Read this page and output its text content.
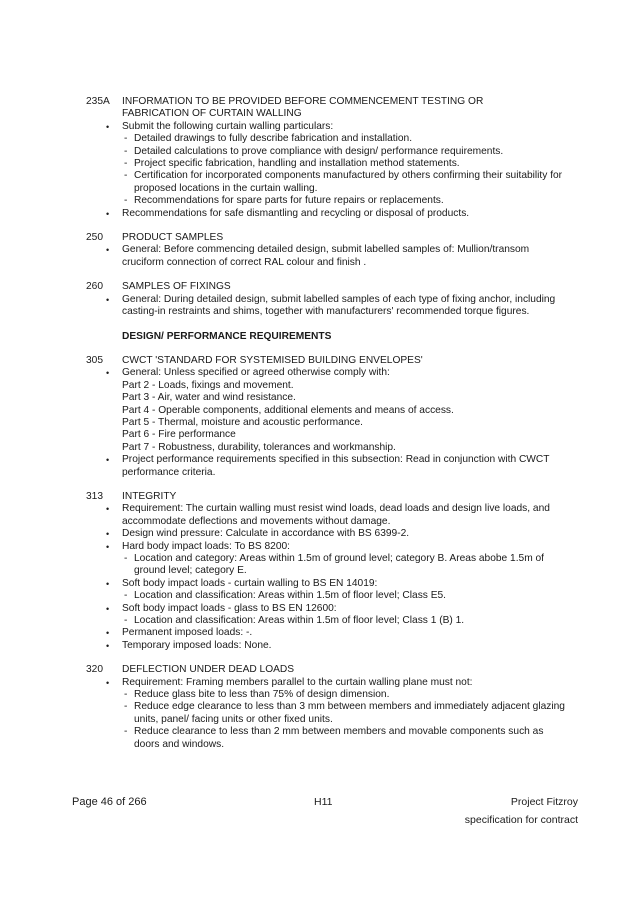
235A INFORMATION TO BE PROVIDED BEFORE COMMENCEMENT TESTING OR FABRICATION OF CURTAIN WALLING
• Submit the following curtain walling particulars:
- Detailed drawings to fully describe fabrication and installation.
- Detailed calculations to prove compliance with design/ performance requirements.
- Project specific fabrication, handling and installation method statements.
- Certification for incorporated components manufactured by others confirming their suitability for proposed locations in the curtain walling.
- Recommendations for spare parts for future repairs or replacements.
• Recommendations for safe dismantling and recycling or disposal of products.
250 PRODUCT SAMPLES
• General: Before commencing detailed design, submit labelled samples of: Mullion/transom cruciform connection of correct RAL colour and finish .
260 SAMPLES OF FIXINGS
• General: During detailed design, submit labelled samples of each type of fixing anchor, including casting-in restraints and shims, together with manufacturers' recommended torque figures.
DESIGN/ PERFORMANCE REQUIREMENTS
305 CWCT 'STANDARD FOR SYSTEMISED BUILDING ENVELOPES'
• General: Unless specified or agreed otherwise comply with:
Part 2 - Loads, fixings and movement.
Part 3 - Air, water and wind resistance.
Part 4 - Operable components, additional elements and means of access.
Part 5 - Thermal, moisture and acoustic performance.
Part 6 - Fire performance
Part 7 - Robustness, durability, tolerances and workmanship.
• Project performance requirements specified in this subsection: Read in conjunction with CWCT performance criteria.
313 INTEGRITY
• Requirement: The curtain walling must resist wind loads, dead loads and design live loads, and accommodate deflections and movements without damage.
• Design wind pressure: Calculate in accordance with BS 6399-2.
• Hard body impact loads: To BS 8200:
- Location and category: Areas within 1.5m of ground level; category B. Areas abobe 1.5m of ground level; category E.
• Soft body impact loads - curtain walling to BS EN 14019:
- Location and classification: Areas within 1.5m of floor level; Class E5.
• Soft body impact loads - glass to BS EN 12600:
- Location and classification: Areas within 1.5m of floor level; Class 1 (B) 1.
• Permanent imposed loads: -.
• Temporary imposed loads: None.
320 DEFLECTION UNDER DEAD LOADS
• Requirement: Framing members parallel to the curtain walling plane must not:
- Reduce glass bite to less than 75% of design dimension.
- Reduce edge clearance to less than 3 mm between members and immediately adjacent glazing units, panel/ facing units or other fixed units.
- Reduce clearance to less than 2 mm between members and movable components such as doors and windows.
Page 46 of 266	H11	Project Fitzroy
specification for contract
